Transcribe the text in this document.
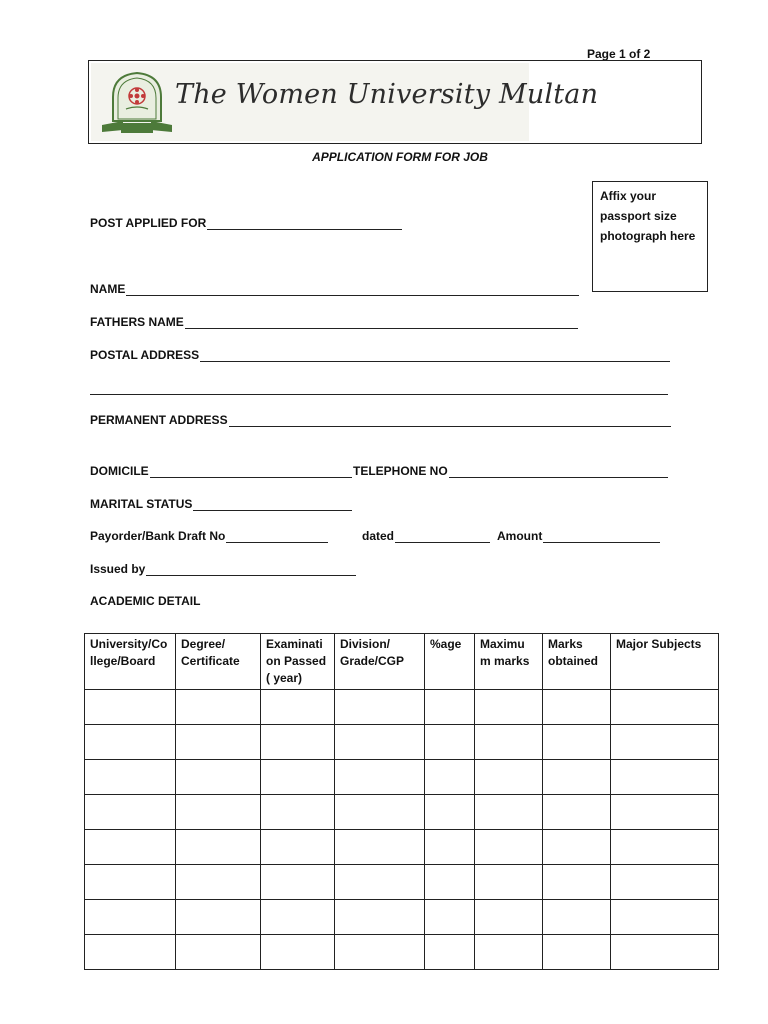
Page 1 of 2
The Women University Multan
APPLICATION FORM FOR JOB
Affix your
passport size
photograph here
POST APPLIED FOR
NAME
FATHERS NAME
POSTAL ADDRESS
PERMANENT ADDRESS
DOMICILE	TELEPHONE NO
MARITAL STATUS
Payorder/Bank Draft No	dated	Amount
Issued by
ACADEMIC DETAIL
University/Co llege/Board	Degree/ Certificate	Examinati on Passed ( year)	Division/ Grade/CGP	%age	Maximu m marks	Marks obtained	Major Subjects
